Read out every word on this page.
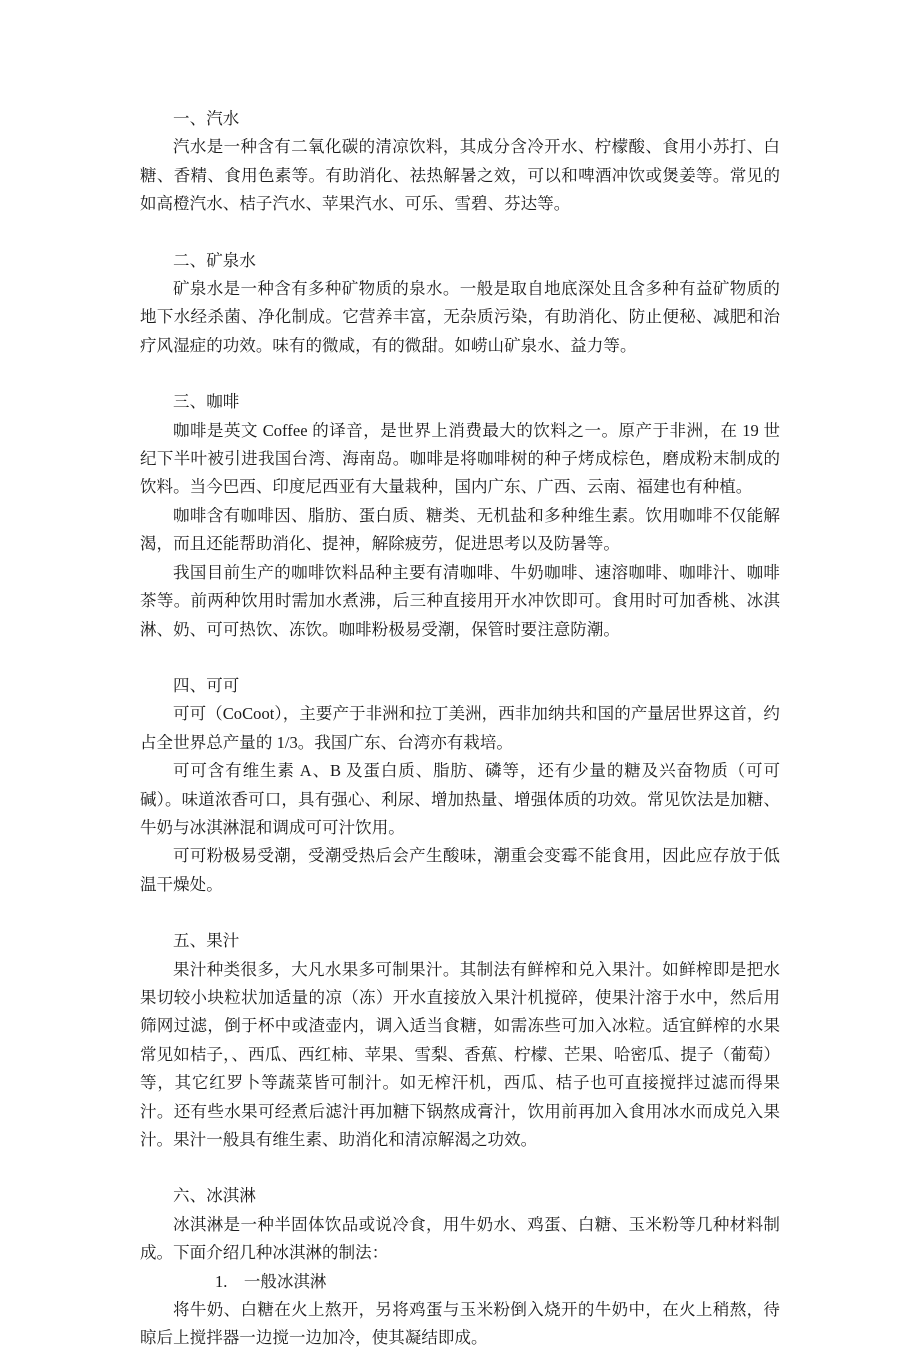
一、汽水

汽水是一种含有二氧化碳的清凉饮料，其成分含冷开水、柠檬酸、食用小苏打、白糖、香精、食用色素等。有助消化、祛热解暑之效，可以和啤酒冲饮或煲姜等。常见的如高橙汽水、桔子汽水、苹果汽水、可乐、雪碧、芬达等。

二、矿泉水

矿泉水是一种含有多种矿物质的泉水。一般是取自地底深处且含多种有益矿物质的地下水经杀菌、净化制成。它营养丰富，无杂质污染，有助消化、防止便秘、减肥和治疗风湿症的功效。味有的微咸，有的微甜。如崂山矿泉水、益力等。

三、咖啡

咖啡是英文 Coffee 的译音，是世界上消费最大的饮料之一。原产于非洲，在 19 世纪下半叶被引进我国台湾、海南岛。咖啡是将咖啡树的种子烤成棕色，磨成粉末制成的饮料。当今巴西、印度尼西亚有大量栽种，国内广东、广西、云南、福建也有种植。

咖啡含有咖啡因、脂肪、蛋白质、糖类、无机盐和多种维生素。饮用咖啡不仅能解渴，而且还能帮助消化、提神，解除疲劳，促进思考以及防暑等。

我国目前生产的咖啡饮料品种主要有清咖啡、牛奶咖啡、速溶咖啡、咖啡汁、咖啡茶等。前两种饮用时需加水煮沸，后三种直接用开水冲饮即可。食用时可加香桃、冰淇淋、奶、可可热饮、冻饮。咖啡粉极易受潮，保管时要注意防潮。

四、可可

可可（CoCoot），主要产于非洲和拉丁美洲，西非加纳共和国的产量居世界这首，约占全世界总产量的 1/3。我国广东、台湾亦有栽培。

可可含有维生素 A、B 及蛋白质、脂肪、磷等，还有少量的糖及兴奋物质（可可碱）。味道浓香可口，具有强心、利尿、增加热量、增强体质的功效。常见饮法是加糖、牛奶与冰淇淋混和调成可可汁饮用。

可可粉极易受潮，受潮受热后会产生酸味，潮重会变霉不能食用，因此应存放于低温干燥处。

五、果汁

果汁种类很多，大凡水果多可制果汁。其制法有鲜榨和兑入果汁。如鲜榨即是把水果切较小块粒状加适量的凉（冻）开水直接放入果汁机搅碎，使果汁溶于水中，然后用筛网过滤，倒于杯中或渣壶内，调入适当食糖，如需冻些可加入冰粒。适宜鲜榨的水果常见如桔子，、西瓜、西红柿、苹果、雪梨、香蕉、柠檬、芒果、哈密瓜、提子（葡萄）等，其它红罗卜等蔬菜皆可制汁。如无榨汗机，西瓜、桔子也可直接搅拌过滤而得果汁。还有些水果可经煮后滤汁再加糖下锅熬成膏汁，饮用前再加入食用冰水而成兑入果汁。果汁一般具有维生素、助消化和清凉解渴之功效。

六、冰淇淋

冰淇淋是一种半固体饮品或说冷食，用牛奶水、鸡蛋、白糖、玉米粉等几种材料制成。下面介绍几种冰淇淋的制法：

1. 一般冰淇淋

将牛奶、白糖在火上熬开，另将鸡蛋与玉米粉倒入烧开的牛奶中，在火上稍熬，待晾后上搅拌器一边搅一边加冷，使其凝结即成。
